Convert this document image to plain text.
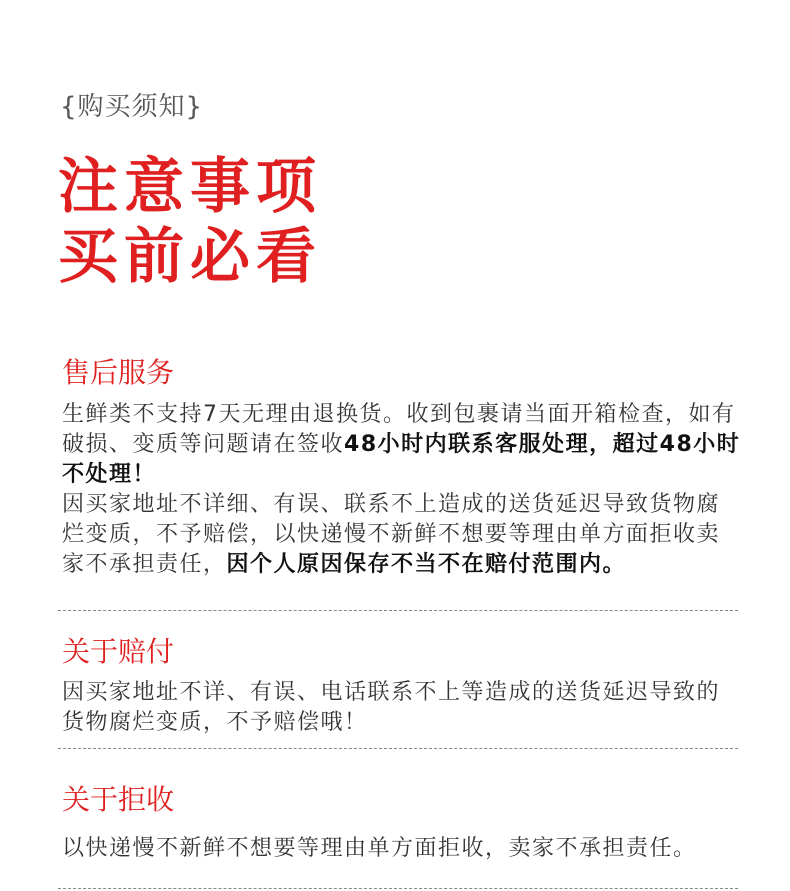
{购买须知}
注意事项
买前必看
售后服务
生鲜类不支持7天无理由退换货。收到包裹请当面开箱检查，如有破损、变质等问题请在签收48小时内联系客服处理，超过48小时不处理！
因买家地址不详细、有误、联系不上造成的送货延迟导致货物腐烂变质，不予赔偿，以快递慢不新鲜不想要等理由单方面拒收卖家不承担责任，因个人原因保存不当不在赔付范围内。
关于赔付
因买家地址不详、有误、电话联系不上等造成的送货延迟导致的货物腐烂变质，不予赔偿哦！
关于拒收
以快递慢不新鲜不想要等理由单方面拒收，卖家不承担责任。
